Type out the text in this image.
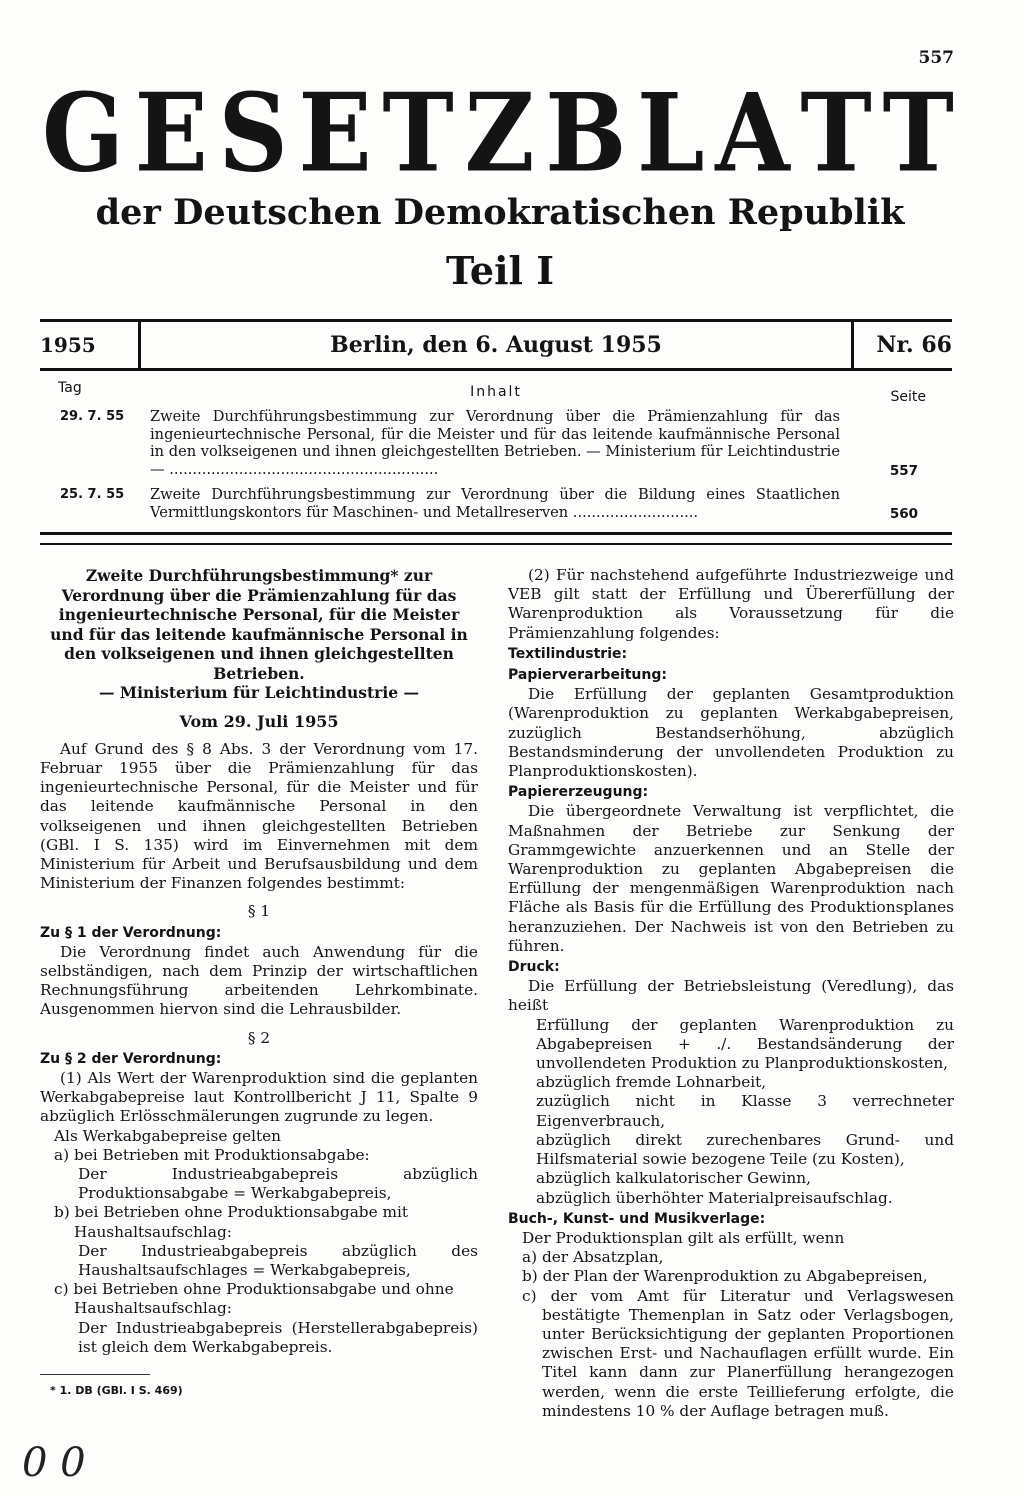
557
G E S E T Z B L A T T
der Deutschen Demokratischen Republik
Teil I
1955	Berlin, den 6. August 1955	Nr. 66
Tag	Inhalt	Seite
29. 7. 55 Zweite Durchführungsbestimmung zur Verordnung über die Prämienzahlung für das ingenieurtechnische Personal, für die Meister und für das leitende kaufmännische Personal in den volkseigenen und ihnen gleichgestellten Betrieben. — Ministerium für Leichtindustrie — ..........................................................	557
25. 7. 55 Zweite Durchführungsbestimmung zur Verordnung über die Bildung eines Staatlichen Vermittlungskontors für Maschinen- und Metallreserven ...........................	560
Zweite Durchführungsbestimmung* zur Verordnung über die Prämienzahlung für das ingenieurtechnische Personal, für die Meister und für das leitende kaufmännische Personal in den volkseigenen und ihnen gleichgestellten Betrieben.
— Ministerium für Leichtindustrie —
Vom 29. Juli 1955
Auf Grund des § 8 Abs. 3 der Verordnung vom 17. Februar 1955 über die Prämienzahlung für das ingenieurtechnische Personal, für die Meister und für das leitende kaufmännische Personal in den volkseigenen und ihnen gleichgestellten Betrieben (GBl. I S. 135) wird im Einvernehmen mit dem Ministerium für Arbeit und Berufsausbildung und dem Ministerium der Finanzen folgendes bestimmt:
§ 1
Zu § 1 der Verordnung:
Die Verordnung findet auch Anwendung für die selbständigen, nach dem Prinzip der wirtschaftlichen Rechnungsführung arbeitenden Lehrkombinate. Ausgenommen hiervon sind die Lehrausbilder.
§ 2
Zu § 2 der Verordnung:
(1) Als Wert der Warenproduktion sind die geplanten Werkabgabepreise laut Kontrollbericht J 11, Spalte 9 abzüglich Erlösschmälerungen zugrunde zu legen.
Als Werkabgabepreise gelten
a) bei Betrieben mit Produktionsabgabe:
Der Industrieabgabepreis abzüglich Produktionsabgabe = Werkabgabepreis,
b) bei Betrieben ohne Produktionsabgabe mit Haushaltsaufschlag:
Der Industrieabgabepreis abzüglich des Haushaltsaufschlages = Werkabgabepreis,
c) bei Betrieben ohne Produktionsabgabe und ohne Haushaltsaufschlag:
Der Industrieabgabepreis (Herstellerabgabepreis) ist gleich dem Werkabgabepreis.
* 1. DB (GBl. I S. 469)
(2) Für nachstehend aufgeführte Industriezweige und VEB gilt statt der Erfüllung und Übererfüllung der Warenproduktion als Voraussetzung für die Prämienzahlung folgendes:
Textilindustrie:
Papierverarbeitung:
Die Erfüllung der geplanten Gesamtproduktion (Warenproduktion zu geplanten Werkabgabepreisen, zuzüglich Bestandserhöhung, abzüglich Bestandsminderung der unvollendeten Produktion zu Planproduktionskosten).
Papiererzeugung:
Die übergeordnete Verwaltung ist verpflichtet, die Maßnahmen der Betriebe zur Senkung der Grammgewichte anzuerkennen und an Stelle der Warenproduktion zu geplanten Abgabepreisen die Erfüllung der mengenmäßigen Warenproduktion nach Fläche als Basis für die Erfüllung des Produktionsplanes heranzuziehen. Der Nachweis ist von den Betrieben zu führen.
Druck:
Die Erfüllung der Betriebsleistung (Veredlung), das heißt
Erfüllung der geplanten Warenproduktion zu Abgabepreisen + ./. Bestandsänderung der unvollendeten Produktion zu Planproduktionskosten,
abzüglich fremde Lohnarbeit,
zuzüglich nicht in Klasse 3 verrechneter Eigenverbrauch,
abzüglich direkt zurechenbares Grund- und Hilfsmaterial sowie bezogene Teile (zu Kosten),
abzüglich kalkulatorischer Gewinn,
abzüglich überhöhter Materialpreisaufschlag.
Buch-, Kunst- und Musikverlage:
Der Produktionsplan gilt als erfüllt, wenn
a) der Absatzplan,
b) der Plan der Warenproduktion zu Abgabepreisen,
c) der vom Amt für Literatur und Verlagswesen bestätigte Themenplan in Satz oder Verlagsbogen, unter Berücksichtigung der geplanten Proportionen zwischen Erst- und Nachauflagen erfüllt wurde. Ein Titel kann dann zur Planerfüllung herangezogen werden, wenn die erste Teillieferung erfolgte, die mindestens 10 % der Auflage betragen muß.
0 0
